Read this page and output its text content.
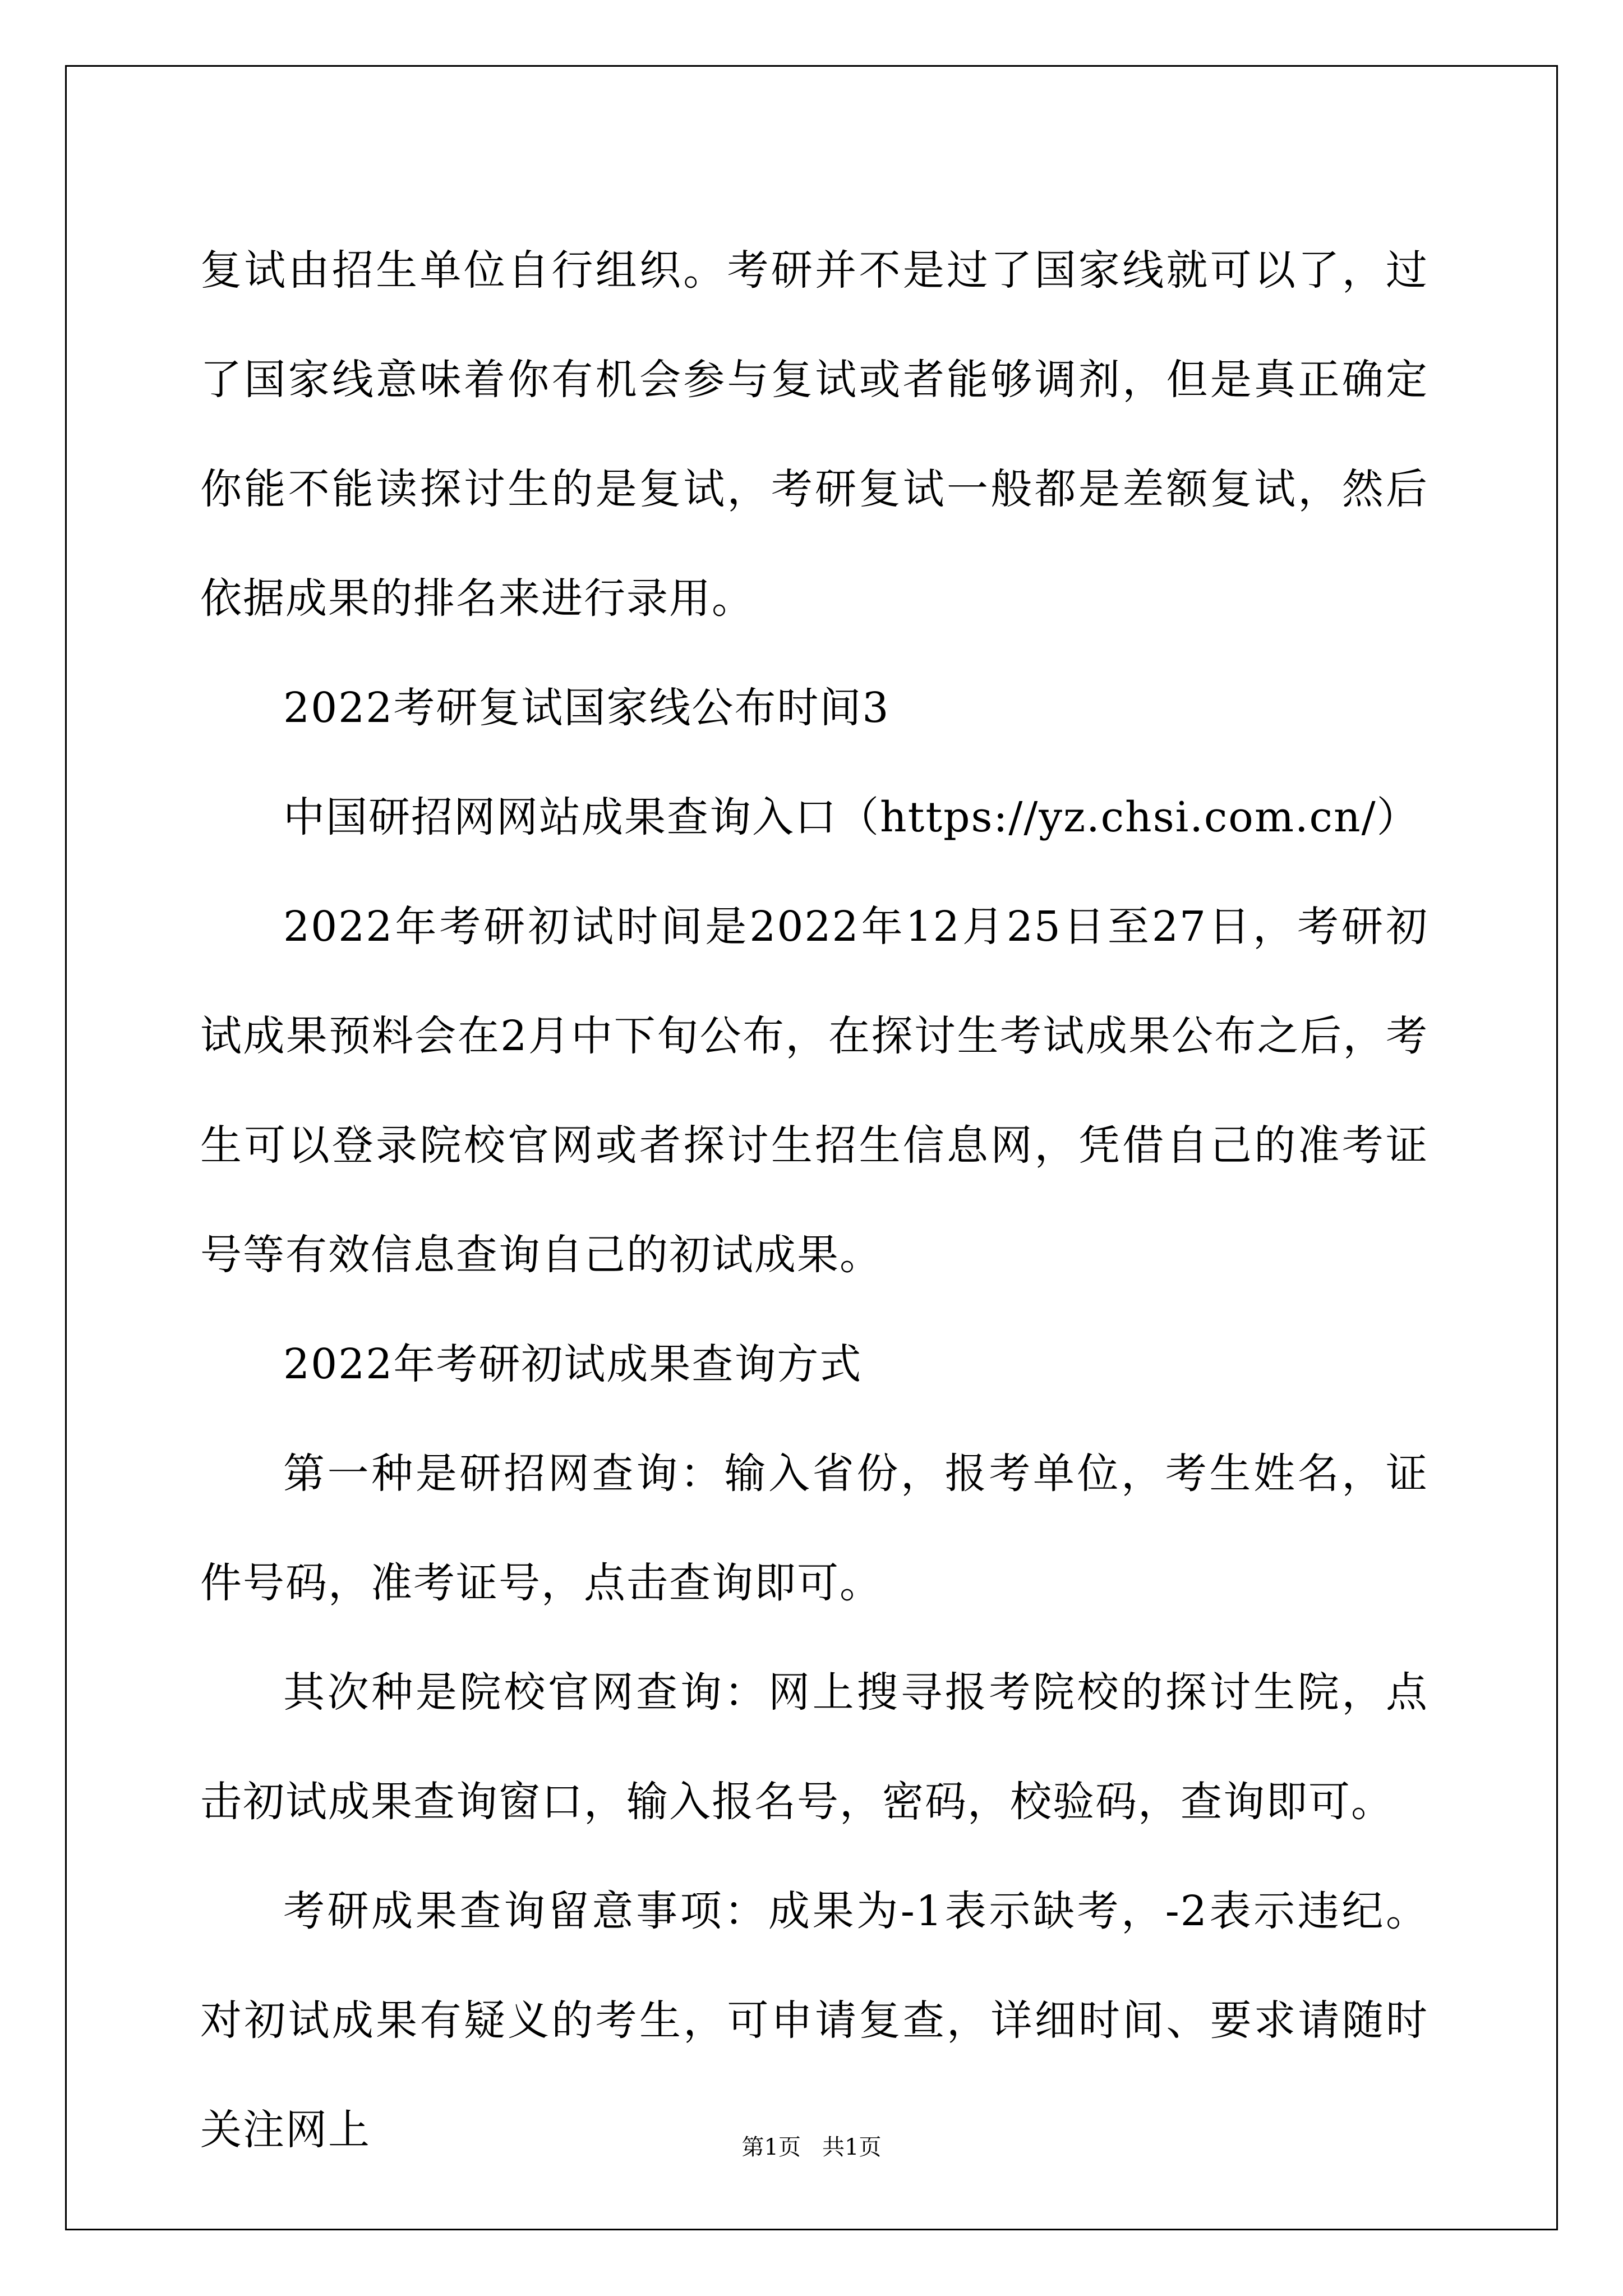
复试由招生单位自行组织。考研并不是过了国家线就可以了，过了国家线意味着你有机会参与复试或者能够调剂，但是真正确定你能不能读探讨生的是复试，考研复试一般都是差额复试，然后依据成果的排名来进行录用。

2022考研复试国家线公布时间3

中国研招网网站成果查询入口（https://yz.chsi.com.cn/）

2022年考研初试时间是2022年12月25日至27日，考研初试成果预料会在2月中下旬公布，在探讨生考试成果公布之后，考生可以登录院校官网或者探讨生招生信息网，凭借自己的准考证号等有效信息查询自己的初试成果。

2022年考研初试成果查询方式

第一种是研招网查询：输入省份，报考单位，考生姓名，证件号码，准考证号，点击查询即可。

其次种是院校官网查询：网上搜寻报考院校的探讨生院，点击初试成果查询窗口，输入报名号，密码，校验码，查询即可。

考研成果查询留意事项：成果为-1表示缺考，-2表示违纪。对初试成果有疑义的考生，可申请复查，详细时间、要求请随时关注网上	第1页 共1页
